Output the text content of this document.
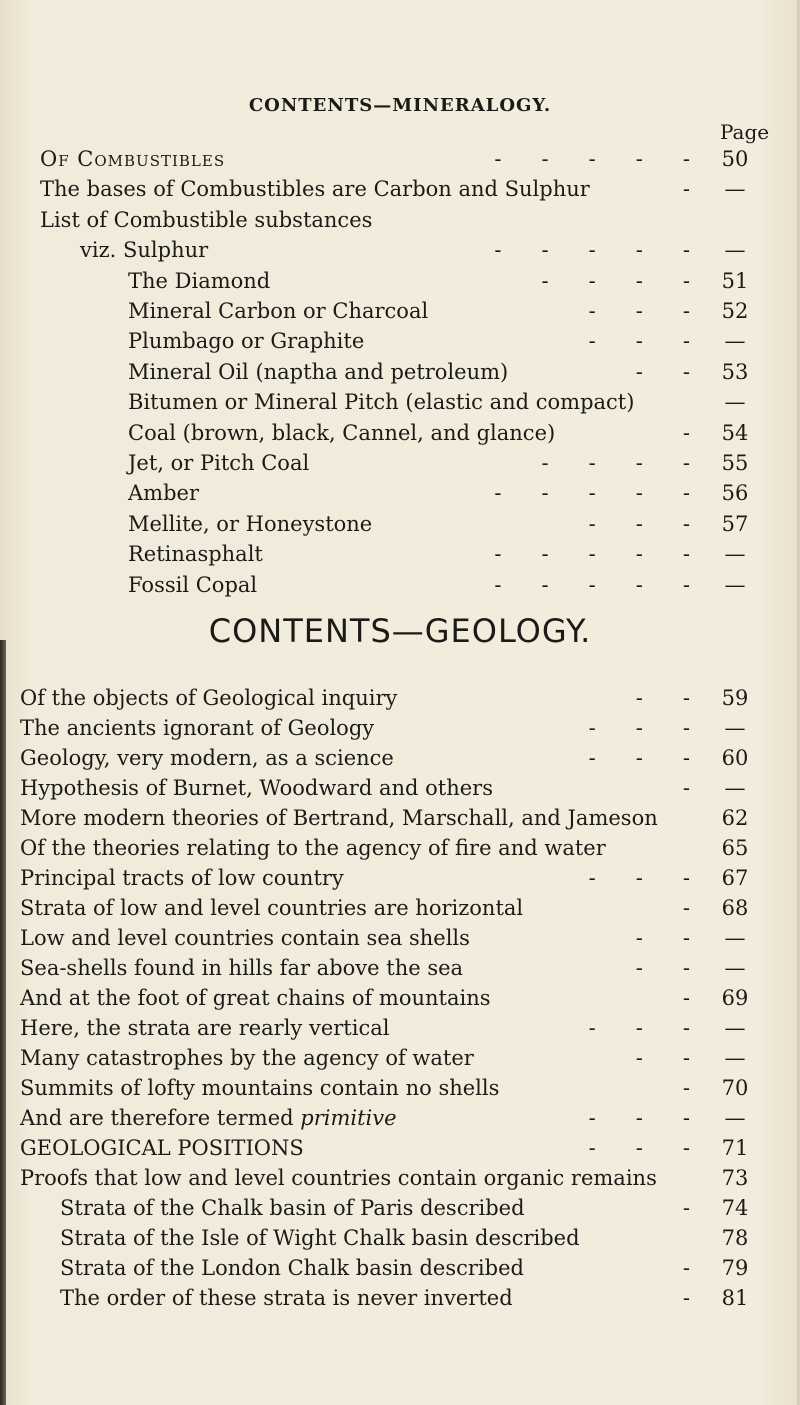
CONTENTS—MINERALOGY.
Page
-      -      -      -      -
Of Combustibles	50
-
The bases of Combustibles are Carbon and Sulphur	—
List of Combustible substances
-      -      -      -      -
viz. Sulphur	—
-      -      -      -
The Diamond	51
-      -      -
Mineral Carbon or Charcoal	52
-      -      -
Plumbago or Graphite	—
-      -
Mineral Oil (naptha and petroleum)	53
Bitumen or Mineral Pitch (elastic and compact)	—
-
Coal (brown, black, Cannel, and glance)	54
-      -      -      -
Jet, or Pitch Coal	55
-      -      -      -      -
Amber	56
-      -      -
Mellite, or Honeystone	57
-      -      -      -      -
Retinasphalt	—
-      -      -      -      -
Fossil Copal	—
CONTENTS—GEOLOGY.
-      -
Of the objects of Geological inquiry	59
-      -      -
The ancients ignorant of Geology	—
-      -      -
Geology, very modern, as a science	60
-
Hypothesis of Burnet, Woodward and others	—
More modern theories of Bertrand, Marschall, and Jameson	62
Of the theories relating to the agency of fire and water	65
-      -      -
Principal tracts of low country	67
-
Strata of low and level countries are horizontal	68
-      -
Low and level countries contain sea shells	—
-      -
Sea-shells found in hills far above the sea	—
-
And at the foot of great chains of mountains	69
-      -      -
Here, the strata are rearly vertical	—
-      -
Many catastrophes by the agency of water	—
-
Summits of lofty mountains contain no shells	70
-      -      -
And are therefore termed primitive	—
-      -      -
GEOLOGICAL POSITIONS	71
Proofs that low and level countries contain organic remains	73
-
Strata of the Chalk basin of Paris described	74
Strata of the Isle of Wight Chalk basin described	78
-
Strata of the London Chalk basin described	79
-
The order of these strata is never inverted	81
